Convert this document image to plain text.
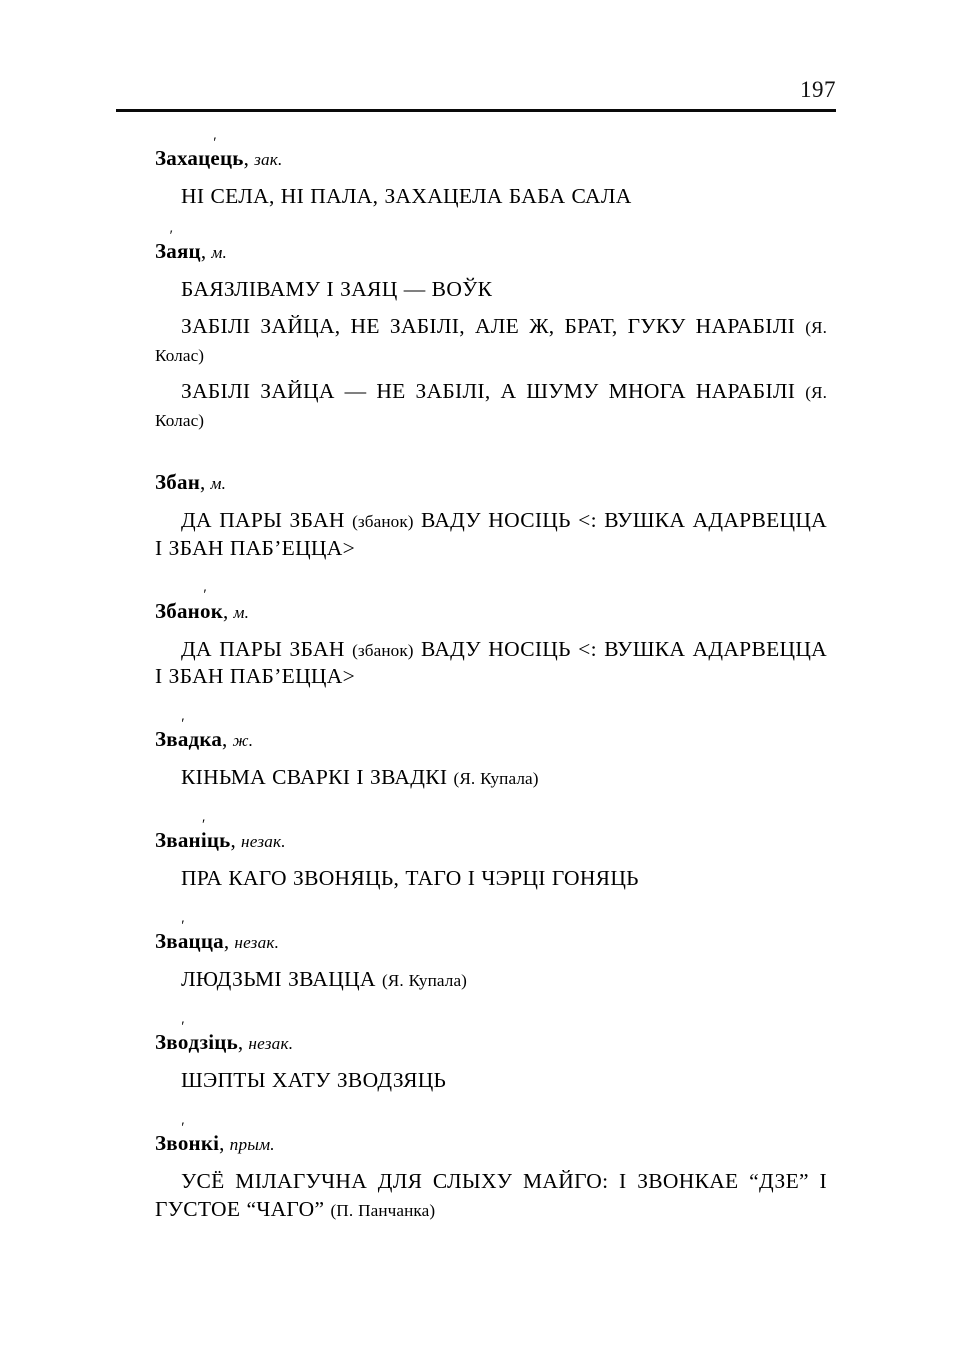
197
Захаце ′ць, зак.

НІ СЕЛА, НІ ПАЛА, ЗАХАЦЕЛА БАБА САЛА

За ′яц, м.

БАЯЗЛІВАМУ І ЗАЯЦ — ВОЎК

ЗАБІЛІ ЗАЙЦА, НЕ ЗАБІЛІ, АЛЕ Ж, БРАТ, ГУКУ НАРАБІЛІ (Я. Колас)

ЗАБІЛІ ЗАЙЦА — НЕ ЗАБІЛІ, А ШУМУ МНОГА НАРАБІЛІ (Я. Колас)

Збан, м.

ДА ПАРЫ ЗБАН (збанок) ВАДУ НОСІЦЬ <: ВУШКА АДАРВЕЦЦА І ЗБАН ПАБ’ЕЦЦА>

Збано ′к, м.

ДА ПАРЫ ЗБАН (збанок) ВАДУ НОСІЦЬ <: ВУШКА АДАРВЕЦЦА І ЗБАН ПАБ’ЕЦЦА>

Зва ′дка, ж.

КІНЬМА СВАРКІ І ЗВАДКІ (Я. Купала)

Звані ′ць, незак.

ПРА КАГО ЗВОНЯЦЬ, ТАГО І ЧЭРЦІ ГОНЯЦЬ

Зва ′цца, незак.

ЛЮДЗЬМІ ЗВАЦЦА (Я. Купала)

Зво ′дзіць, незак.

ШЭПТЫ ХАТУ ЗВОДЗЯЦЬ

Зво ′нкі, прым.

УСЁ МІЛАГУЧНА ДЛЯ СЛЫХУ МАЙГО: І ЗВОНКАЕ “ДЗЕ” І ГУСТОЕ “ЧАГО” (П. Панчанка)
